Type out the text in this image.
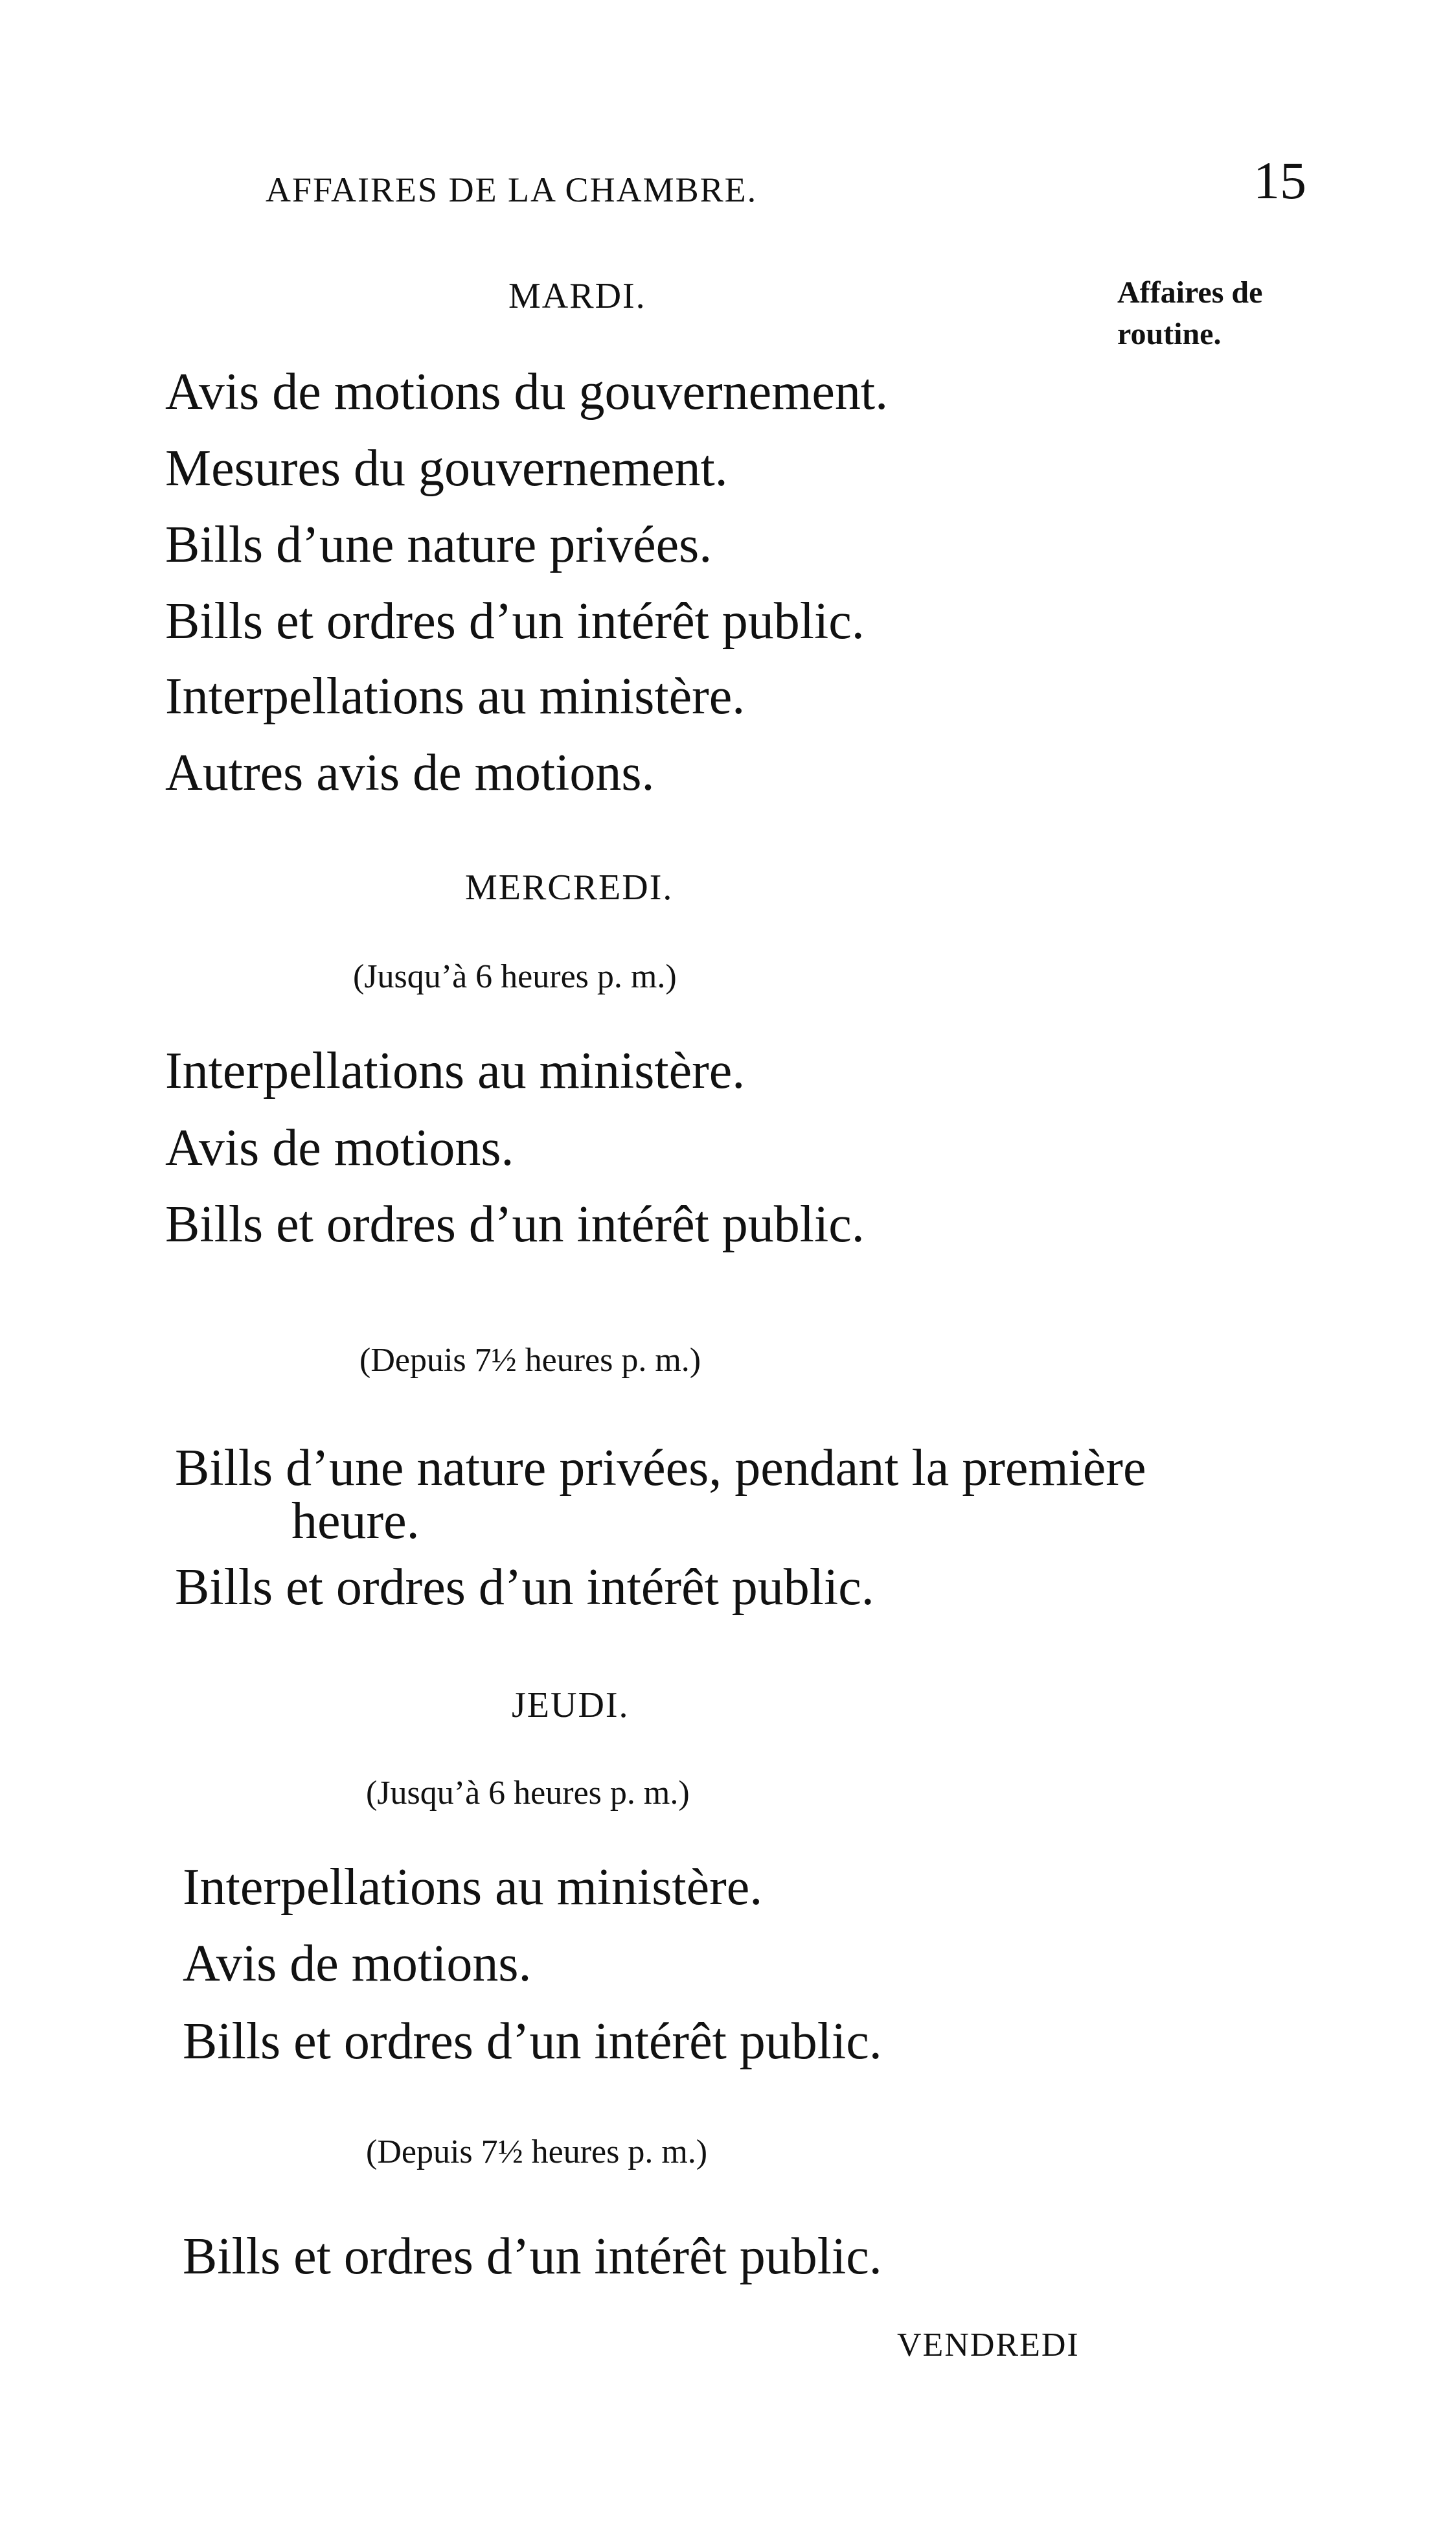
AFFAIRES DE LA CHAMBRE.	15
Affaires de routine.
MARDI.
Avis de motions du gouvernement.
Mesures du gouvernement.
Bills d’une nature privées.
Bills et ordres d’un intérêt public.
Interpellations au ministère.
Autres avis de motions.
MERCREDI.
(Jusqu’à 6 heures p. m.)
Interpellations au ministère.
Avis de motions.
Bills et ordres d’un intérêt public.
(Depuis 7½ heures p. m.)
Bills d’une nature privées, pendant la première heure.
Bills et ordres d’un intérêt public.
JEUDI.
(Jusqu’à 6 heures p. m.)
Interpellations au ministère.
Avis de motions.
Bills et ordres d’un intérêt public.
(Depuis 7½ heures p. m.)
Bills et ordres d’un intérêt public.
VENDREDI
